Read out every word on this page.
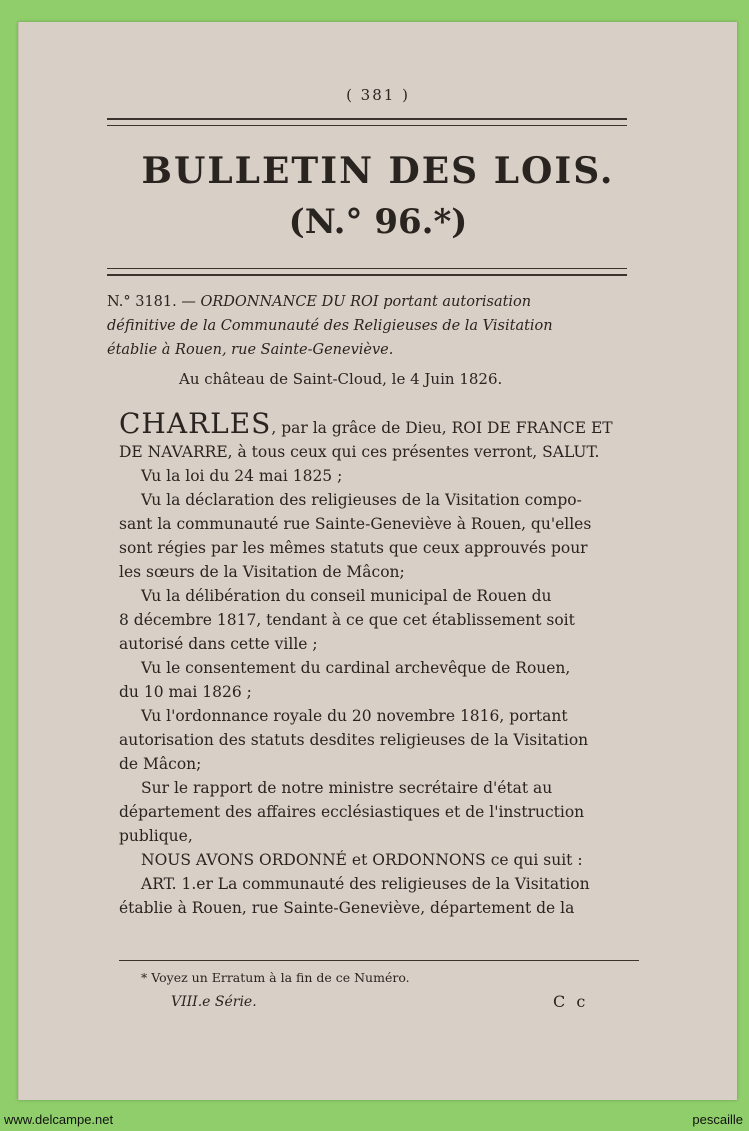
( 381 )
BULLETIN DES LOIS.
(N.° 96.*)
N.° 3181. — ORDONNANCE DU ROI portant autorisation
définitive de la Communauté des Religieuses de la Visitation
établie à Rouen, rue Sainte-Geneviève.
Au château de Saint-Cloud, le 4 Juin 1826.

CHARLES, par la grâce de Dieu, ROI DE FRANCE ET

DE NAVARRE, à tous ceux qui ces présentes verront, SALUT.

Vu la loi du 24 mai 1825 ;

Vu la déclaration des religieuses de la Visitation compo-

sant la communauté rue Sainte-Geneviève à Rouen, qu'elles

sont régies par les mêmes statuts que ceux approuvés pour

les sœurs de la Visitation de Mâcon;

Vu la délibération du conseil municipal de Rouen du

8 décembre 1817, tendant à ce que cet établissement soit

autorisé dans cette ville ;

Vu le consentement du cardinal archevêque de Rouen,

du 10 mai 1826 ;

Vu l'ordonnance royale du 20 novembre 1816, portant

autorisation des statuts desdites religieuses de la Visitation

de Mâcon;

Sur le rapport de notre ministre secrétaire d'état au

département des affaires ecclésiastiques et de l'instruction

publique,

NOUS AVONS ORDONNÉ et ORDONNONS ce qui suit :

ART. 1.er La communauté des religieuses de la Visitation

établie à Rouen, rue Sainte-Geneviève, département de la

* Voyez un Erratum à la fin de ce Numéro.
VIII.e Série.	C c
www.delcampe.net	pescaille
